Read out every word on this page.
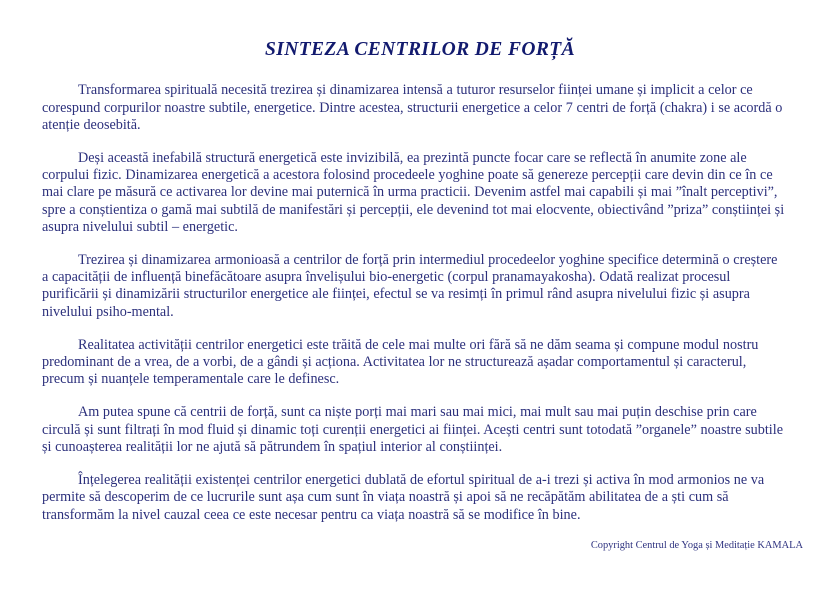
SINTEZA CENTRILOR DE FORȚĂ

Transformarea spirituală necesită trezirea și dinamizarea intensă a tuturor resurselor ființei umane și implicit a celor ce corespund corpurilor noastre subtile, energetice. Dintre acestea, structurii energetice a celor 7 centri de forță (chakra) i se acordă o atenție deosebită.

Deși această inefabilă structură energetică este invizibilă, ea prezintă puncte focar care se reflectă în anumite zone ale corpului fizic. Dinamizarea energetică a acestora folosind procedeele yoghine poate să genereze percepții care devin din ce în ce mai clare pe măsură ce activarea lor devine mai puternică în urma practicii. Devenim astfel mai capabili și mai ”înalt perceptivi”, spre a conștientiza o gamă mai subtilă de manifestări și percepții, ele devenind tot mai elocvente, obiectivând ”priza” conștiinței și asupra nivelului subtil – energetic.

Trezirea și dinamizarea armonioasă a centrilor de forță prin intermediul procedeelor yoghine specifice determină o creștere a capacității de influență binefăcătoare asupra învelișului bio-energetic (corpul pranamayakosha). Odată realizat procesul purificării și dinamizării structurilor energetice ale ființei, efectul se va resimți în primul rând asupra nivelului fizic și asupra nivelului psiho-mental.

Realitatea activității centrilor energetici este trăită de cele mai multe ori fără să ne dăm seama și compune modul nostru predominant de a vrea, de a vorbi, de a gândi și acționa. Activitatea lor ne structurează așadar comportamentul și caracterul, precum și nuanțele temperamentale care le definesc.

Am putea spune că centrii de forță, sunt ca niște porți mai mari sau mai mici, mai mult sau mai puțin deschise prin care circulă și sunt filtrați în mod fluid și dinamic toți curenții energetici ai ființei. Acești centri sunt totodată ”organele” noastre subtile și cunoașterea realității lor ne ajută să pătrundem în spațiul interior al conștiinței.

Înțelegerea realității existenței centrilor energetici dublată de efortul spiritual de a-i trezi și activa în mod armonios ne va permite să descoperim de ce lucrurile sunt așa cum sunt în viața noastră și apoi să ne recăpătăm abilitatea de a ști cum să transformăm la nivel cauzal ceea ce este necesar pentru ca viața noastră să se modifice în bine.

Copyright Centrul de Yoga și Meditație KAMALA
